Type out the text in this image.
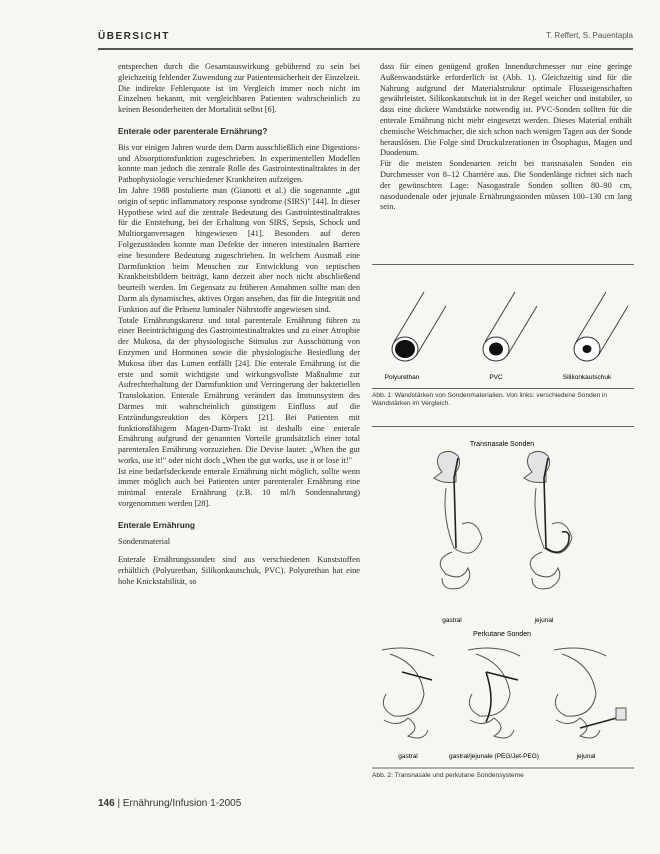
ÜBERSICHT	T. Reffert, S. Pauentapla

entsprechen durch die Gesamtauswirkung gebührend zu sein bei gleichzeitig fehlender Zuwendung zur Patientensicherheit der Einzelzeit. Die indirekte Fehlerquote ist im Vergleich immer noch nicht im Einzelnen bekannt, mit vergleichbaren Patienten wahrscheinlich zu keinen Besonderheiten der Mortalität selbst [6].

Enterale oder parenterale Ernährung?

Bis vor einigen Jahren wurde dem Darm ausschließlich eine Digestions- und Absorptionsfunktion zugeschrieben. In experimentellen Modellen konnte man jedoch die zentrale Rolle des Gastrointestinaltraktes in der Pathophysiologie verschiedener Krankheiten aufzeigen.

Im Jahre 1988 postulierte man (Gianotti et al.) die sogenannte „gut origin of septic inflammatory response syndrome (SIRS)" [44]. In dieser Hypothese wird auf die zentrale Bedeutung des Gastrointestinaltraktes für die Entstehung, bei der Erhaltung von SIRS, Sepsis, Schock und Multiorganversagen hingewiesen [41]. Besonders auf deren Folgezuständen konnte man Defekte der inneren intestinalen Barriere eine besondere Bedeutung zugeschrieben. In welchem Ausmaß eine Darmfunktion beim Menschen zur Entwicklung von septischen Krankheitsbildern beiträgt, kann derzeit aber noch nicht abschließend beurteilt werden. Im Gegensatz zu früheren Annahmen sollte man den Darm als dynamisches, aktives Organ ansehen, das für die Integrität und Funktion auf die Präsenz luminaler Nährstoffe angewiesen sind.

Totale Ernährungskarenz und total parenterale Ernährung führen zu einer Beeinträchtigung des Gastrointestinaltraktes und zu einer Atrophie der Mukosa, da der physiologische Stimulus zur Ausschüttung von Enzymen und Hormonen sowie die physiologische Besiedlung der Mukosa über das Lumen entfällt [24]. Die enterale Ernährung ist die erste und somit wichtigste und wirkungsvollste Maßnahme zur Aufrechterhaltung der Darmfunktion und Verringerung der bakteriellen Translokation. Enterale Ernährung verändert das Immunsystem des Darmes mit wahrscheinlich günstigem Einfluss auf die Entzündungsreaktion des Körpers [21]. Bei Patienten mit funktionsfähigem Magen-Darm-Trakt ist deshalb eine enterale Ernährung aufgrund der genannten Vorteile grundsätzlich einer total parenteralen Ernährung vorzuziehen. Die Devise lautet: „When the gut works, use it!" oder nicht doch „When the gut works, use it or lose it!"

Ist eine bedarfsdeckende enterale Ernährung nicht möglich, sollte wenn immer möglich auch bei Patienten unter parenteraler Ernährung eine minimal enterale Ernährung (z.B. 10 ml/h Sondennahrung) vorgenommen werden [28].

Enterale Ernährung

Sondenmaterial

Enterale Ernährungssonden sind aus verschiedenen Kunststoffen erhältlich (Polyurethan, Silikonkautschuk, PVC). Polyurethan hat eine hohe Knickstabilität, so

dass für einen genügend großen Innendurchmesser nur eine geringe Außenwandstärke erforderlich ist (Abb. 1). Gleichzeitig sind für die Nahrung aufgrund der Materialstruktur optimale Flusseigenschaften gewährleistet. Silikonkautschuk ist in der Regel weicher und instabiler, so dass eine dickere Wandstärke notwendig ist. PVC-Sonden sollten für die enterale Ernährung nicht mehr eingesetzt werden. Dieses Material enthält chemische Weichmacher, die sich schon nach wenigen Tagen aus der Sonde herauslösen. Die Folge sind Druckulzerationen in Ösophagus, Magen und Duodenum.

Für die meisten Sondenarten reicht bei transnasalen Sonden ein Durchmesser von 8–12 Charrière aus. Die Sondenlänge richtet sich nach der gewünschten Lage: Nasogastrale Sonden sollten 80–90 cm, nasoduodenale oder jejunale Ernährungssonden müssen 100–130 cm lang sein.

Polyurethan	PVC	Silikonkautschuk
Abb. 1: Wandstärken von Sondenmaterialien. Von links: verschiedene Sonden in Wandstärken im Vergleich.
Transnasale Sonden
gastral	jejunal
Perkutane Sonden
gastral	gastral/jejunale (PEG/Jet-PEG)	jejunal
Abb. 2: Transnasale und perkutane Sondensysteme
146 | Ernährung/Infusion 1-2005
